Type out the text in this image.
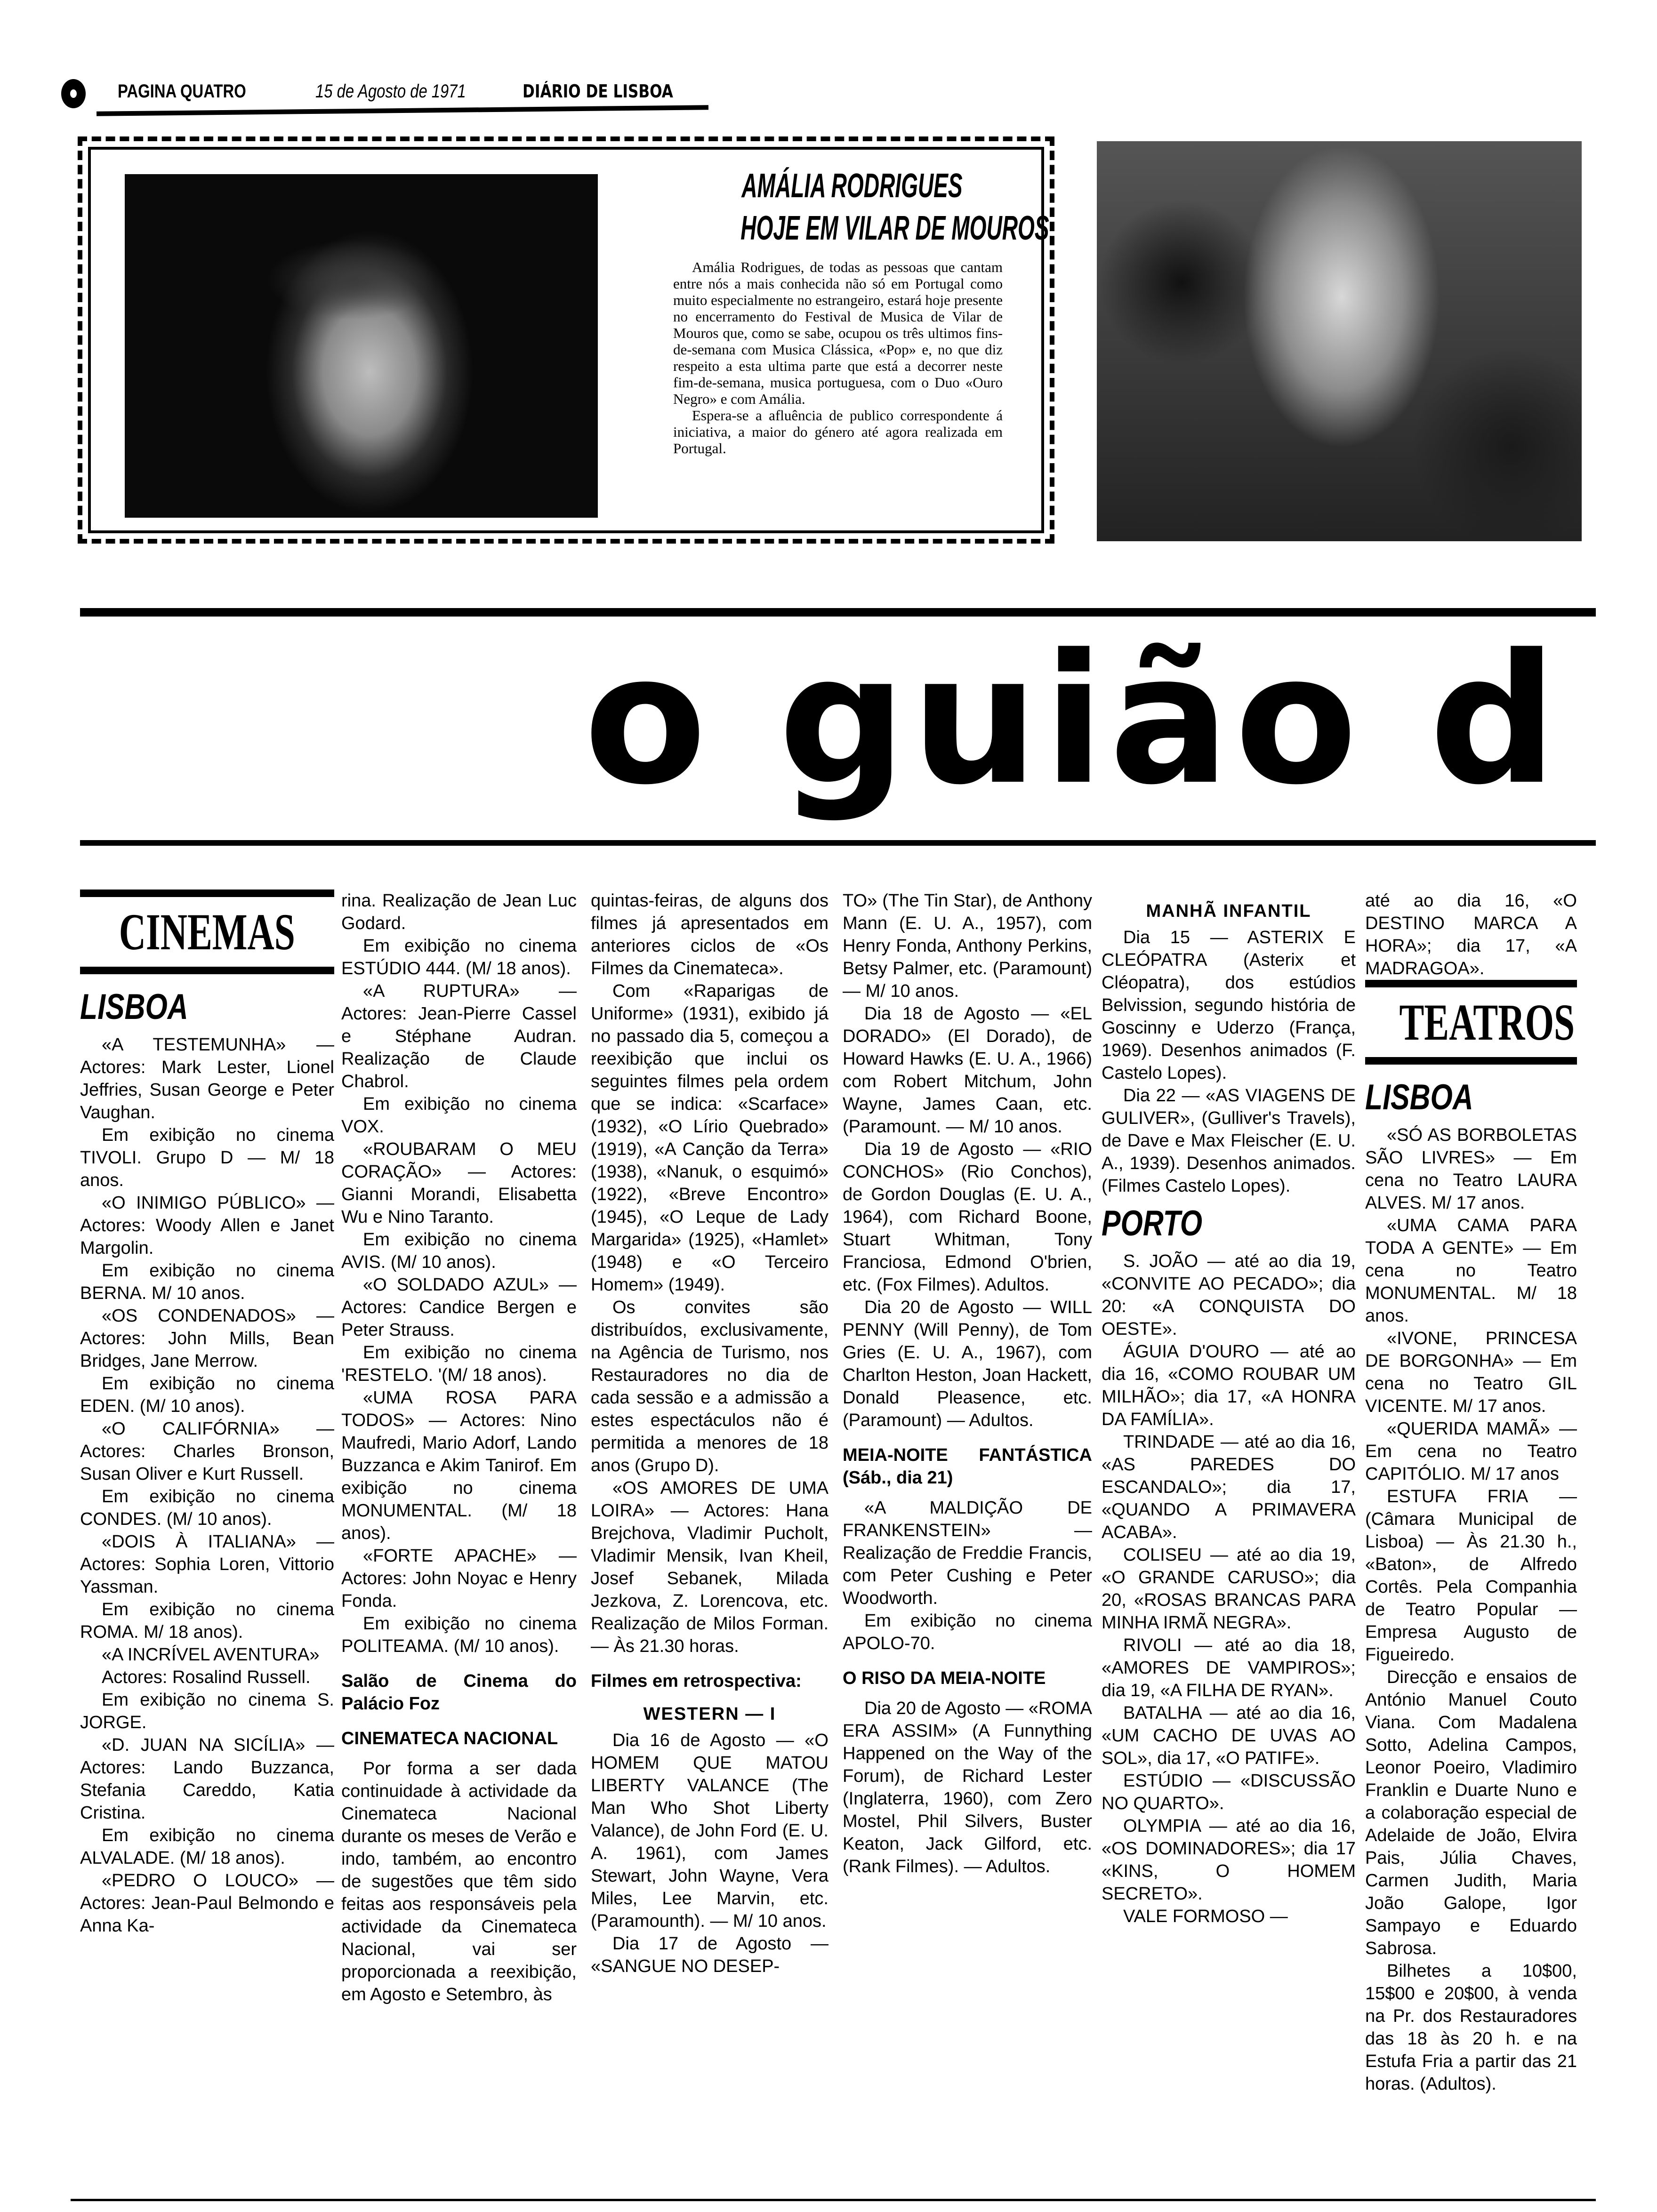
PAGINA QUATRO	15 de Agosto de 1971	DIÁRIO DE LISBOA
AMÁLIA RODRIGUES
HOJE EM VILAR DE MOUROS

Amália Rodrigues, de todas as pessoas que cantam entre nós a mais conhecida não só em Portugal como muito especialmente no estrangeiro, estará hoje presente no encerramento do Festival de Musica de Vilar de Mouros que, como se sabe, ocupou os três ultimos fins-de-semana com Musica Clássica, «Pop» e, no que diz respeito a esta ultima parte que está a decorrer neste fim-de-semana, musica portuguesa, com o Duo «Ouro Negro» e com Amália.

Espera-se a afluência de publico correspondente á iniciativa, a maior do género até agora realizada em Portugal.

o guião d
CINEMAS
LISBOA

«A TESTEMUNHA» — Actores: Mark Lester, Lionel Jeffries, Susan George e Peter Vaughan.

Em exibição no cinema TIVOLI. Grupo D — M/ 18 anos.

«O INIMIGO PÚBLICO» — Actores: Woody Allen e Janet Margolin.

Em exibição no cinema BERNA. M/ 10 anos.

«OS CONDENADOS» — Actores: John Mills, Bean Bridges, Jane Merrow.

Em exibição no cinema EDEN. (M/ 10 anos).

«O CALIFÓRNIA» — Actores: Charles Bronson, Susan Oliver e Kurt Russell.

Em exibição no cinema CONDES. (M/ 10 anos).

«DOIS À ITALIANA» — Actores: Sophia Loren, Vittorio Yassman.

Em exibição no cinema ROMA. M/ 18 anos).

«A INCRÍVEL AVENTURA»

Actores: Rosalind Russell.

Em exibição no cinema S. JORGE.

«D. JUAN NA SICÍLIA» — Actores: Lando Buzzanca, Stefania Careddo, Katia Cristina.

Em exibição no cinema ALVALADE. (M/ 18 anos).

«PEDRO O LOUCO» — Actores: Jean-Paul Belmondo e Anna Ka-

rina. Realização de Jean Luc Godard.

Em exibição no cinema ESTÚDIO 444. (M/ 18 anos).

«A RUPTURA» — Actores: Jean-Pierre Cassel e Stéphane Audran. Realização de Claude Chabrol.

Em exibição no cinema VOX.

«ROUBARAM O MEU CORAÇÃO» — Actores: Gianni Morandi, Elisabetta Wu e Nino Taranto.

Em exibição no cinema AVIS. (M/ 10 anos).

«O SOLDADO AZUL» — Actores: Candice Bergen e Peter Strauss.

Em exibição no cinema 'RESTELO. '(M/ 18 anos).

«UMA ROSA PARA TODOS» — Actores: Nino Maufredi, Mario Adorf, Lando Buzzanca e Akim Tanirof. Em exibição no cinema MONUMENTAL. (M/ 18 anos).

«FORTE APACHE» — Actores: John Noyac e Henry Fonda.

Em exibição no cinema POLITEAMA. (M/ 10 anos).

Salão de Cinema do Palácio Foz

CINEMATECA NACIONAL

Por forma a ser dada continuidade à actividade da Cinemateca Nacional durante os meses de Verão e indo, também, ao encontro de sugestões que têm sido feitas aos responsáveis pela actividade da Cinemateca Nacional, vai ser proporcionada a reexibição, em Agosto e Setembro, às

quintas-feiras, de alguns dos filmes já apresentados em anteriores ciclos de «Os Filmes da Cinemateca».

Com «Raparigas de Uniforme» (1931), exibido já no passado dia 5, começou a reexibição que inclui os seguintes filmes pela ordem que se indica: «Scarface» (1932), «O Lírio Quebrado» (1919), «A Canção da Terra» (1938), «Nanuk, o esquimó» (1922), «Breve Encontro» (1945), «O Leque de Lady Margarida» (1925), «Hamlet» (1948) e «O Terceiro Homem» (1949).

Os convites são distribuídos, exclusivamente, na Agência de Turismo, nos Restauradores no dia de cada sessão e a admissão a estes espectáculos não é permitida a menores de 18 anos (Grupo D).

«OS AMORES DE UMA LOIRA» — Actores: Hana Brejchova, Vladimir Pucholt, Vladimir Mensik, Ivan Kheil, Josef Sebanek, Milada Jezkova, Z. Lorencova, etc. Realização de Milos Forman. — Às 21.30 horas.

Filmes em retrospectiva:

WESTERN — I

Dia 16 de Agosto — «O HOMEM QUE MATOU LIBERTY VALANCE (The Man Who Shot Liberty Valance), de John Ford (E. U. A. 1961), com James Stewart, John Wayne, Vera Miles, Lee Marvin, etc. (Paramounth). — M/ 10 anos.

Dia 17 de Agosto — «SANGUE NO DESEP-

TO» (The Tin Star), de Anthony Mann (E. U. A., 1957), com Henry Fonda, Anthony Perkins, Betsy Palmer, etc. (Paramount) — M/ 10 anos.

Dia 18 de Agosto — «EL DORADO» (El Dorado), de Howard Hawks (E. U. A., 1966) com Robert Mitchum, John Wayne, James Caan, etc. (Paramount. — M/ 10 anos.

Dia 19 de Agosto — «RIO CONCHOS» (Rio Conchos), de Gordon Douglas (E. U. A., 1964), com Richard Boone, Stuart Whitman, Tony Franciosa, Edmond O'brien, etc. (Fox Filmes). Adultos.

Dia 20 de Agosto — WILL PENNY (Will Penny), de Tom Gries (E. U. A., 1967), com Charlton Heston, Joan Hackett, Donald Pleasence, etc. (Paramount) — Adultos.

MEIA-NOITE FANTÁSTICA (Sáb., dia 21)

«A MALDIÇÃO DE FRANKENSTEIN» — Realização de Freddie Francis, com Peter Cushing e Peter Woodworth.

Em exibição no cinema APOLO-70.

O RISO DA MEIA-NOITE

Dia 20 de Agosto — «ROMA ERA ASSIM» (A Funnything Happened on the Way of the Forum), de Richard Lester (Inglaterra, 1960), com Zero Mostel, Phil Silvers, Buster Keaton, Jack Gilford, etc. (Rank Filmes). — Adultos.

MANHÃ INFANTIL

Dia 15 — ASTERIX E CLEÓPATRA (Asterix et Cléopatra), dos estúdios Belvission, segundo história de Goscinny e Uderzo (França, 1969). Desenhos animados (F. Castelo Lopes).

Dia 22 — «AS VIAGENS DE GULIVER», (Gulliver's Travels), de Dave e Max Fleischer (E. U. A., 1939). Desenhos animados. (Filmes Castelo Lopes).

PORTO

S. JOÃO — até ao dia 19, «CONVITE AO PECADO»; dia 20: «A CONQUISTA DO OESTE».

ÁGUIA D'OURO — até ao dia 16, «COMO ROUBAR UM MILHÃO»; dia 17, «A HONRA DA FAMÍLIA».

TRINDADE — até ao dia 16, «AS PAREDES DO ESCANDALO»; dia 17, «QUANDO A PRIMAVERA ACABA».

COLISEU — até ao dia 19, «O GRANDE CARUSO»; dia 20, «ROSAS BRANCAS PARA MINHA IRMÃ NEGRA».

RIVOLI — até ao dia 18, «AMORES DE VAMPIROS»; dia 19, «A FILHA DE RYAN».

BATALHA — até ao dia 16, «UM CACHO DE UVAS AO SOL», dia 17, «O PATIFE».

ESTÚDIO — «DISCUSSÃO NO QUARTO».

OLYMPIA — até ao dia 16, «OS DOMINADORES»; dia 17 «KINS, O HOMEM SECRETO».

VALE FORMOSO —

até ao dia 16, «O DESTINO MARCA A HORA»; dia 17, «A MADRAGOA».

TEATROS
LISBOA

«SÓ AS BORBOLETAS SÃO LIVRES» — Em cena no Teatro LAURA ALVES. M/ 17 anos.

«UMA CAMA PARA TODA A GENTE» — Em cena no Teatro MONUMENTAL. M/ 18 anos.

«IVONE, PRINCESA DE BORGONHA» — Em cena no Teatro GIL VICENTE. M/ 17 anos.

«QUERIDA MAMÃ» — Em cena no Teatro CAPITÓLIO. M/ 17 anos

ESTUFA FRIA — (Câmara Municipal de Lisboa) — Às 21.30 h., «Baton», de Alfredo Cortês. Pela Companhia de Teatro Popular — Empresa Augusto de Figueiredo.

Direcção e ensaios de António Manuel Couto Viana. Com Madalena Sotto, Adelina Campos, Leonor Poeiro, Vladimiro Franklin e Duarte Nuno e a colaboração especial de Adelaide de João, Elvira Pais, Júlia Chaves, Carmen Judith, Maria João Galope, Igor Sampayo e Eduardo Sabrosa.

Bilhetes a 10$00, 15$00 e 20$00, à venda na Pr. dos Restauradores das 18 às 20 h. e na Estufa Fria a partir das 21 horas. (Adultos).
